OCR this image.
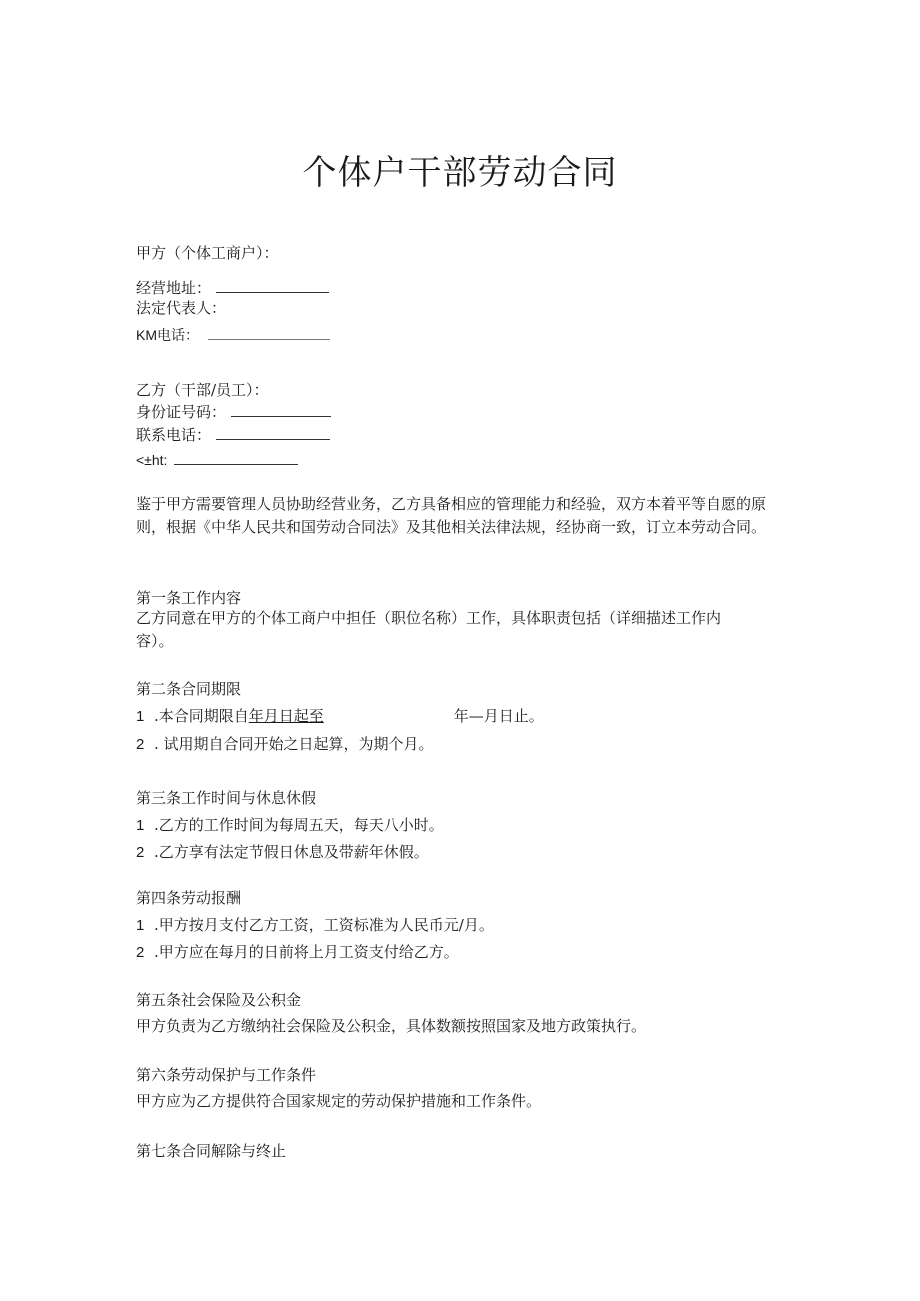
个体户干部劳动合同
甲方（个体工商户）：
经营地址：
法定代表人：
KM电话：
乙方（干部/员工）：
身份证号码：
联系电话：
<±ht:
鉴于甲方需要管理人员协助经营业务，乙方具备相应的管理能力和经验，双方本着平等自愿的原则，根据《中华人民共和国劳动合同法》及其他相关法律法规，经协商一致，订立本劳动合同。
第一条工作内容
乙方同意在甲方的个体工商户中担任（职位名称）工作，具体职责包括（详细描述工作内容）。
第二条合同期限
1 .本合同期限自年月日起至	年—月日止。
2 . 试用期自合同开始之日起算，为期个月。
第三条工作时间与休息休假
1 .乙方的工作时间为每周五天，每天八小时。
2 .乙方享有法定节假日休息及带薪年休假。
第四条劳动报酬
1 .甲方按月支付乙方工资，工资标准为人民币元/月。
2 .甲方应在每月的日前将上月工资支付给乙方。
第五条社会保险及公积金
甲方负责为乙方缴纳社会保险及公积金，具体数额按照国家及地方政策执行。
第六条劳动保护与工作条件
甲方应为乙方提供符合国家规定的劳动保护措施和工作条件。
第七条合同解除与终止
